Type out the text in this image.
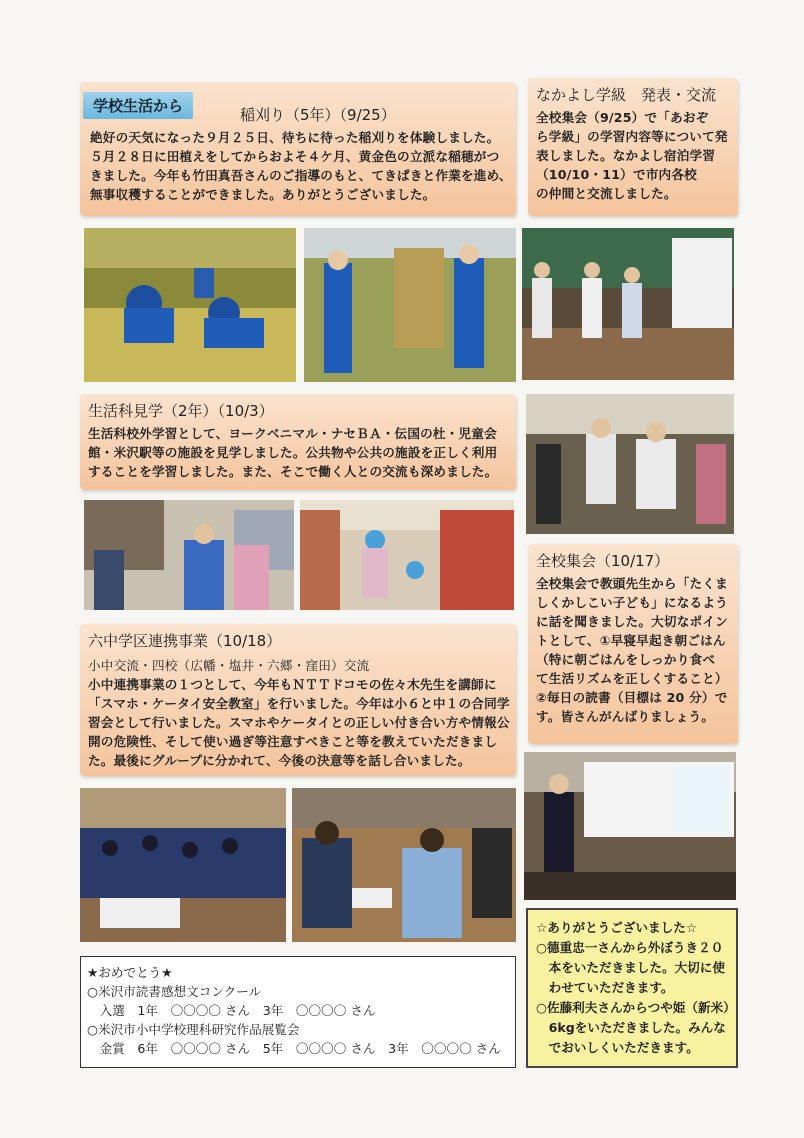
学校生活から	稲刈り（5年）（9/25）
絶好の天気になった９月２５日、待ちに待った稲刈りを体験しました。
５月２８日に田植えをしてからおよそ４ケ月、黄金色の立派な稲穂がつ
きました。今年も竹田真吾さんのご指導のもと、てきぱきと作業を進め、
無事収穫することができました。ありがとうございました。
なかよし学級　発表・交流
全校集会（9/25）で「あおぞ
ら学級」の学習内容等について発
表しました。なかよし宿泊学習
（10/10・11）で市内各校
の仲間と交流しました。
生活科見学（2年）（10/3）
生活科校外学習として、ヨークベニマル・ナセＢＡ・伝国の杜・児童会
館・米沢駅等の施設を見学しました。公共物や公共の施設を正しく利用
することを学習しました。また、そこで働く人との交流も深めました。
全校集会（10/17）
全校集会で教頭先生から「たくま
しくかしこい子ども」になるよう
に話を聞きました。大切なポイン
トとして、①早寝早起き朝ごはん
（特に朝ごはんをしっかり食べ
て生活リズムを正しくすること）
②毎日の読書（目標は 20 分）で
す。皆さんがんばりましょう。
六中学区連携事業（10/18）
小中交流・四校（広幡・塩井・六郷・窪田）交流
小中連携事業の１つとして、今年もＮＴＴドコモの佐々木先生を講師に
「スマホ・ケータイ安全教室」を行いました。今年は小６と中１の合同学
習会として行いました。スマホやケータイとの正しい付き合い方や情報公
開の危険性、そして使い過ぎ等注意すべきこと等を教えていただきまし
た。最後にグループに分かれて、今後の決意等を話し合いました。
★おめでとう★
○米沢市読書感想文コンクール
　入選　1年　〇〇〇〇 さん　3年　〇〇〇〇 さん
○米沢市小中学校理科研究作品展覧会
　金賞　6年　〇〇〇〇 さん　5年　〇〇〇〇 さん　3年　〇〇〇〇 さん
☆ありがとうございました☆
○德重忠一さんから外ぼうき２０
　本をいただきました。大切に使
　わせていただきます。
○佐藤利夫さんからつや姫（新米）
　6kgをいただきました。みんな
　でおいしくいただきます。
